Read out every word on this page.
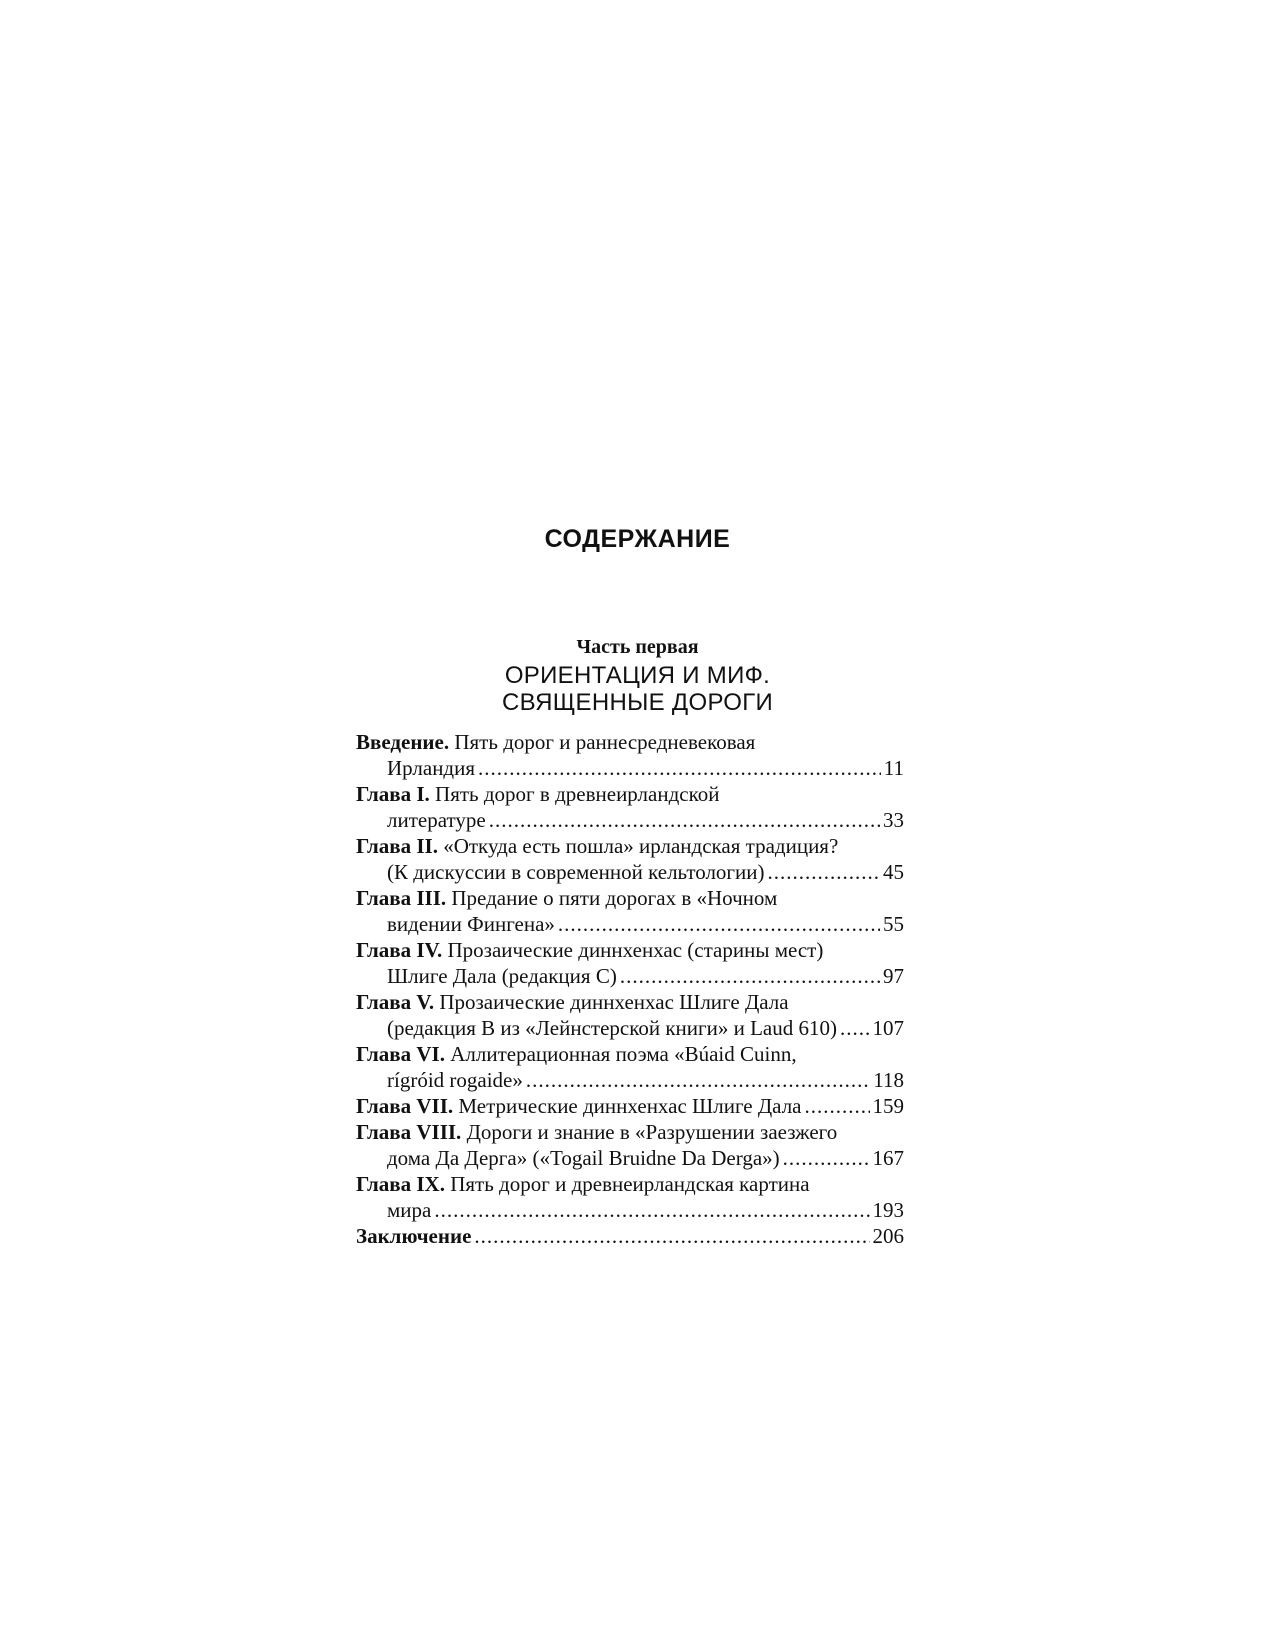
СОДЕРЖАНИЕ
Часть первая
ОРИЕНТАЦИЯ И МИФ.
СВЯЩЕННЫЕ ДОРОГИ
Введение. Пять дорог и раннесредневековая
Ирландия .....	11
Глава I. Пять дорог в древнеирландской
литературе .....	33
Глава II. «Откуда есть пошла» ирландская традиция?
(К дискуссии в современной кельтологии) .....	45
Глава III. Предание о пяти дорогах в «Ночном
видении Фингена» .....	55
Глава IV. Прозаические диннхенхас (старины мест)
Шлиге Дала (редакция С) .....	97
Глава V. Прозаические диннхенхас Шлиге Дала
(редакция В из «Лейнстерской книги» и Laud 610) ..... 107
Глава VI. Аллитерационная поэма «Búaid Cuinn,
rígróid rogaide» .....	118
Глава VII. Метрические диннхенхас Шлиге Дала .....	159
Глава VIII. Дороги и знание в «Разрушении заезжего
дома Да Дерга» («Togail Bruidne Da Derga») .....	167
Глава IX. Пять дорог и древнеирландская картина
мира .....	193
Заключение .....	206
